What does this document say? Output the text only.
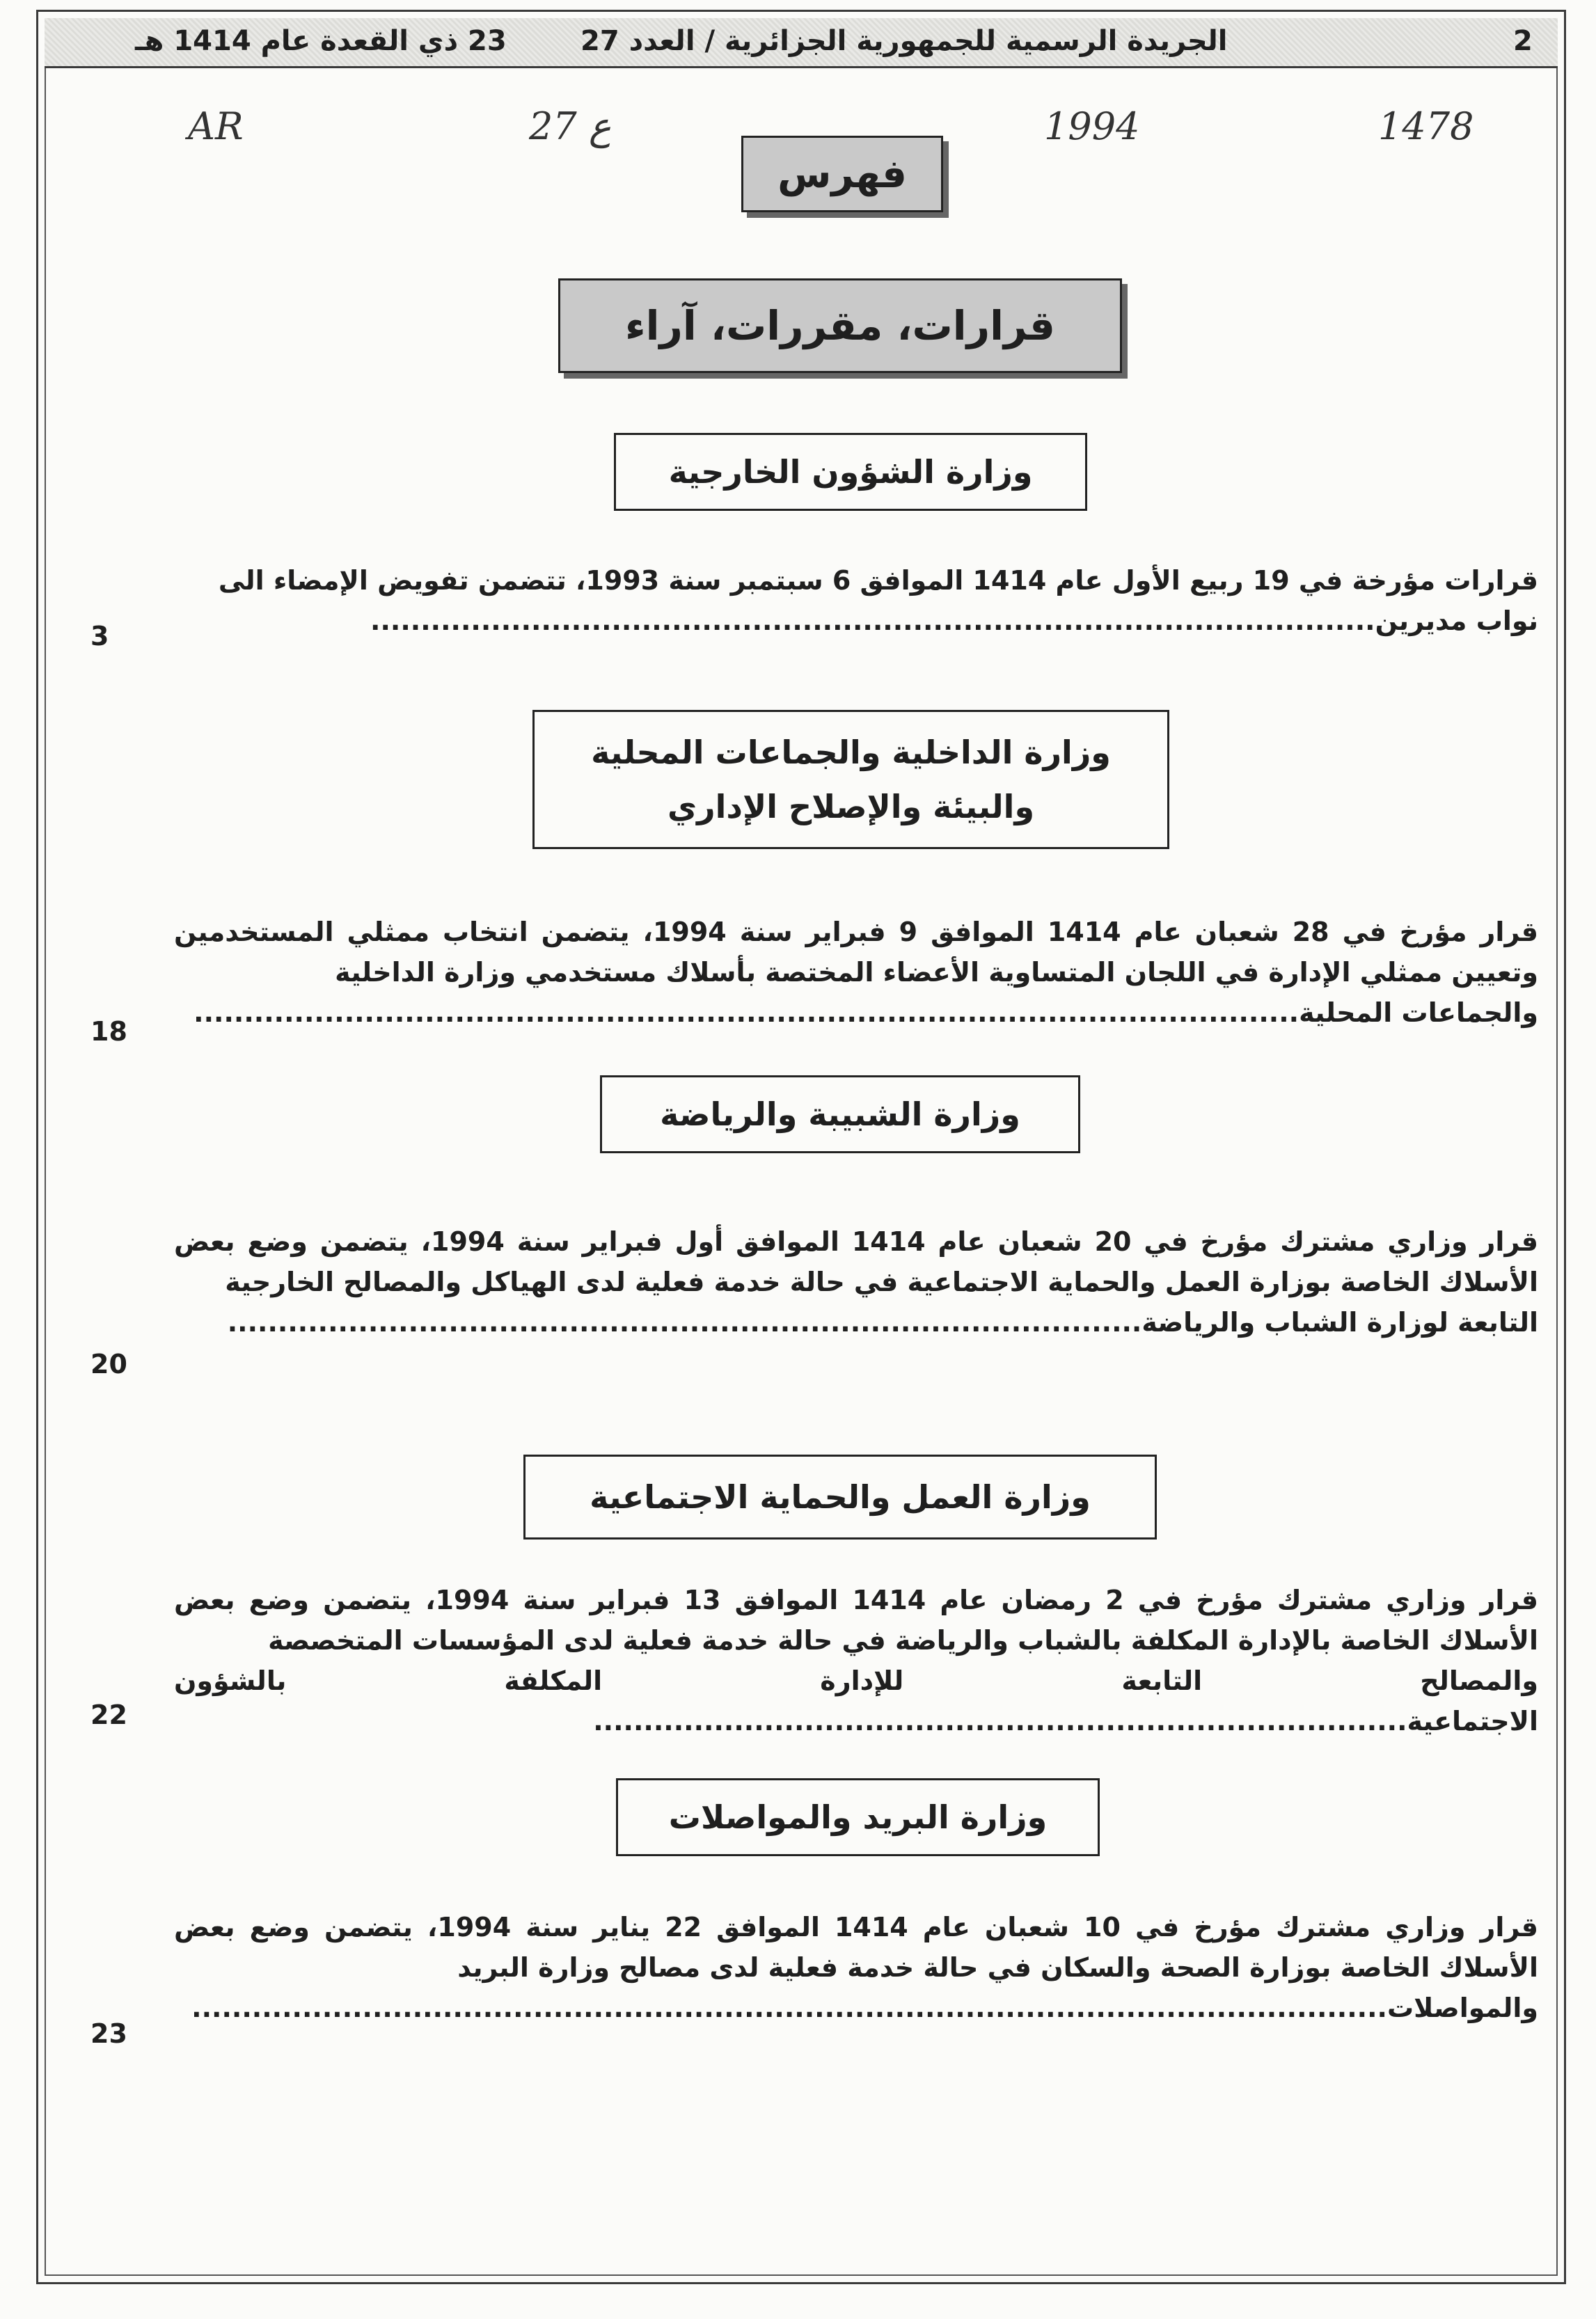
2
الجريدة الرسمية للجمهورية الجزائرية / العدد 27
23 ذي القعدة عام 1414 هـ
AR	27 ع	1994	1478
فهرس
قرارات، مقررات، آراء
وزارة الشؤون الخارجية
قرارات مؤرخة في 19 ربيع الأول عام 1414 الموافق 6 سبتمبر سنة 1993، تتضمن تفويض الإمضاء الى
نواب مديرين....................................................................................................
3
وزارة الداخلية والجماعات المحلية
والبيئة والإصلاح الإداري
قرار مؤرخ في 28 شعبان عام 1414 الموافق 9 فبراير سنة 1994، يتضمن انتخاب ممثلي المستخدمين وتعيين ممثلي الإدارة في اللجان المتساوية الأعضاء المختصة بأسلاك مستخدمي وزارة الداخلية
والجماعات المحلية..............................................................................................................
18
وزارة الشبيبة والرياضة
قرار وزاري مشترك مؤرخ في 20 شعبان عام 1414 الموافق أول فبراير سنة 1994، يتضمن وضع بعض الأسلاك الخاصة بوزارة العمل والحماية الاجتماعية في حالة خدمة فعلية لدى الهياكل والمصالح الخارجية
التابعة لوزارة الشباب والرياضة...........................................................................................
20
وزارة العمل والحماية الاجتماعية
قرار وزاري مشترك مؤرخ في 2 رمضان عام 1414 الموافق 13 فبراير سنة 1994، يتضمن وضع بعض الأسلاك الخاصة بالإدارة المكلفة بالشباب والرياضة في حالة خدمة فعلية لدى المؤسسات المتخصصة
والمصالح التابعة للإدارة المكلفة بالشؤون الاجتماعية.................................................................................
22
وزارة البريد والمواصلات
قرار وزاري مشترك مؤرخ في 10 شعبان عام 1414 الموافق 22 يناير سنة 1994، يتضمن وضع بعض الأسلاك الخاصة بوزارة الصحة والسكان في حالة خدمة فعلية لدى مصالح وزارة البريد
والمواصلات.......................................................................................................................
23
